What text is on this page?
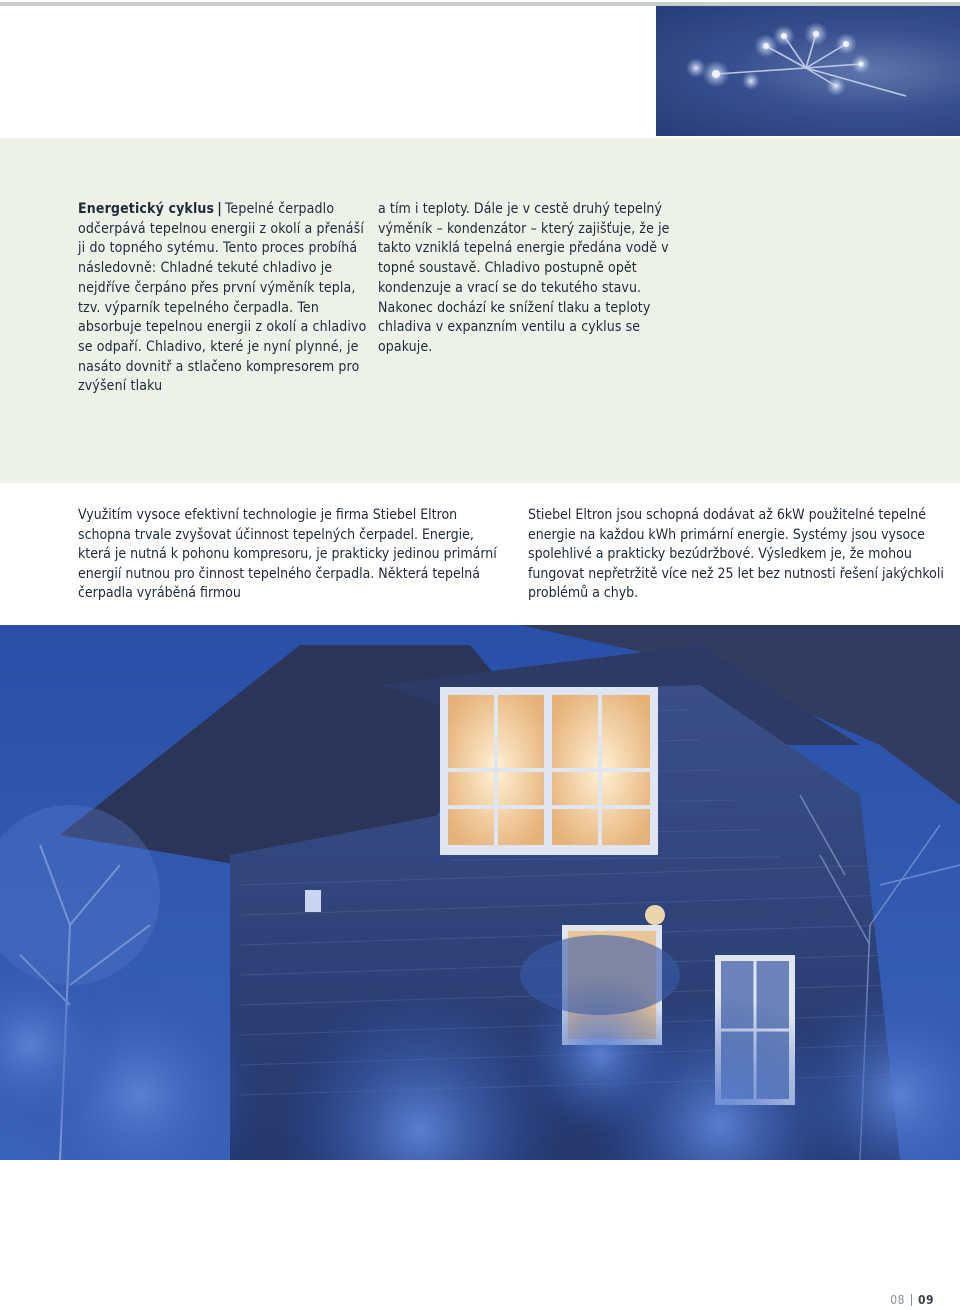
Energetický cyklus | Tepelné čerpadlo odčerpává tepelnou energii z okolí a přenáší ji do topného sytému. Tento proces probíhá následovně: Chladné tekuté chladivo je nejdříve čerpáno přes první výměník tepla, tzv. výparník tepelného čerpadla. Ten absorbuje tepelnou energii z okolí a chladivo se odpaří. Chladivo, které je nyní plynné, je nasáto dovnitř a stlačeno kompresorem pro zvýšení tlaku

a tím i teploty. Dále je v cestě druhý tepelný výměník – kondenzátor – který zajišťuje, že je takto vzniklá tepelná energie předána vodě v topné soustavě. Chladivo postupně opět kondenzuje a vrací se do tekutého stavu. Nakonec dochází ke snížení tlaku a teploty chladiva v expanzním ventilu a cyklus se opakuje.

Využitím vysoce efektivní technologie je firma Stiebel Eltron schopna trvale zvyšovat účinnost tepelných čerpadel. Energie, která je nutná k pohonu kompresoru, je prakticky jedinou primární energií nutnou pro činnost tepelného čerpadla. Některá tepelná čerpadla vyráběná firmou

Stiebel Eltron jsou schopná dodávat až 6kW použitelné tepelné energie na každou kWh primární energie. Systémy jsou vysoce spolehlivé a prakticky bezúdržbové. Výsledkem je, že mohou fungovat nepřetržitě více než 25 let bez nutnosti řešení jakýchkoli problémů a chyb.

08 09
